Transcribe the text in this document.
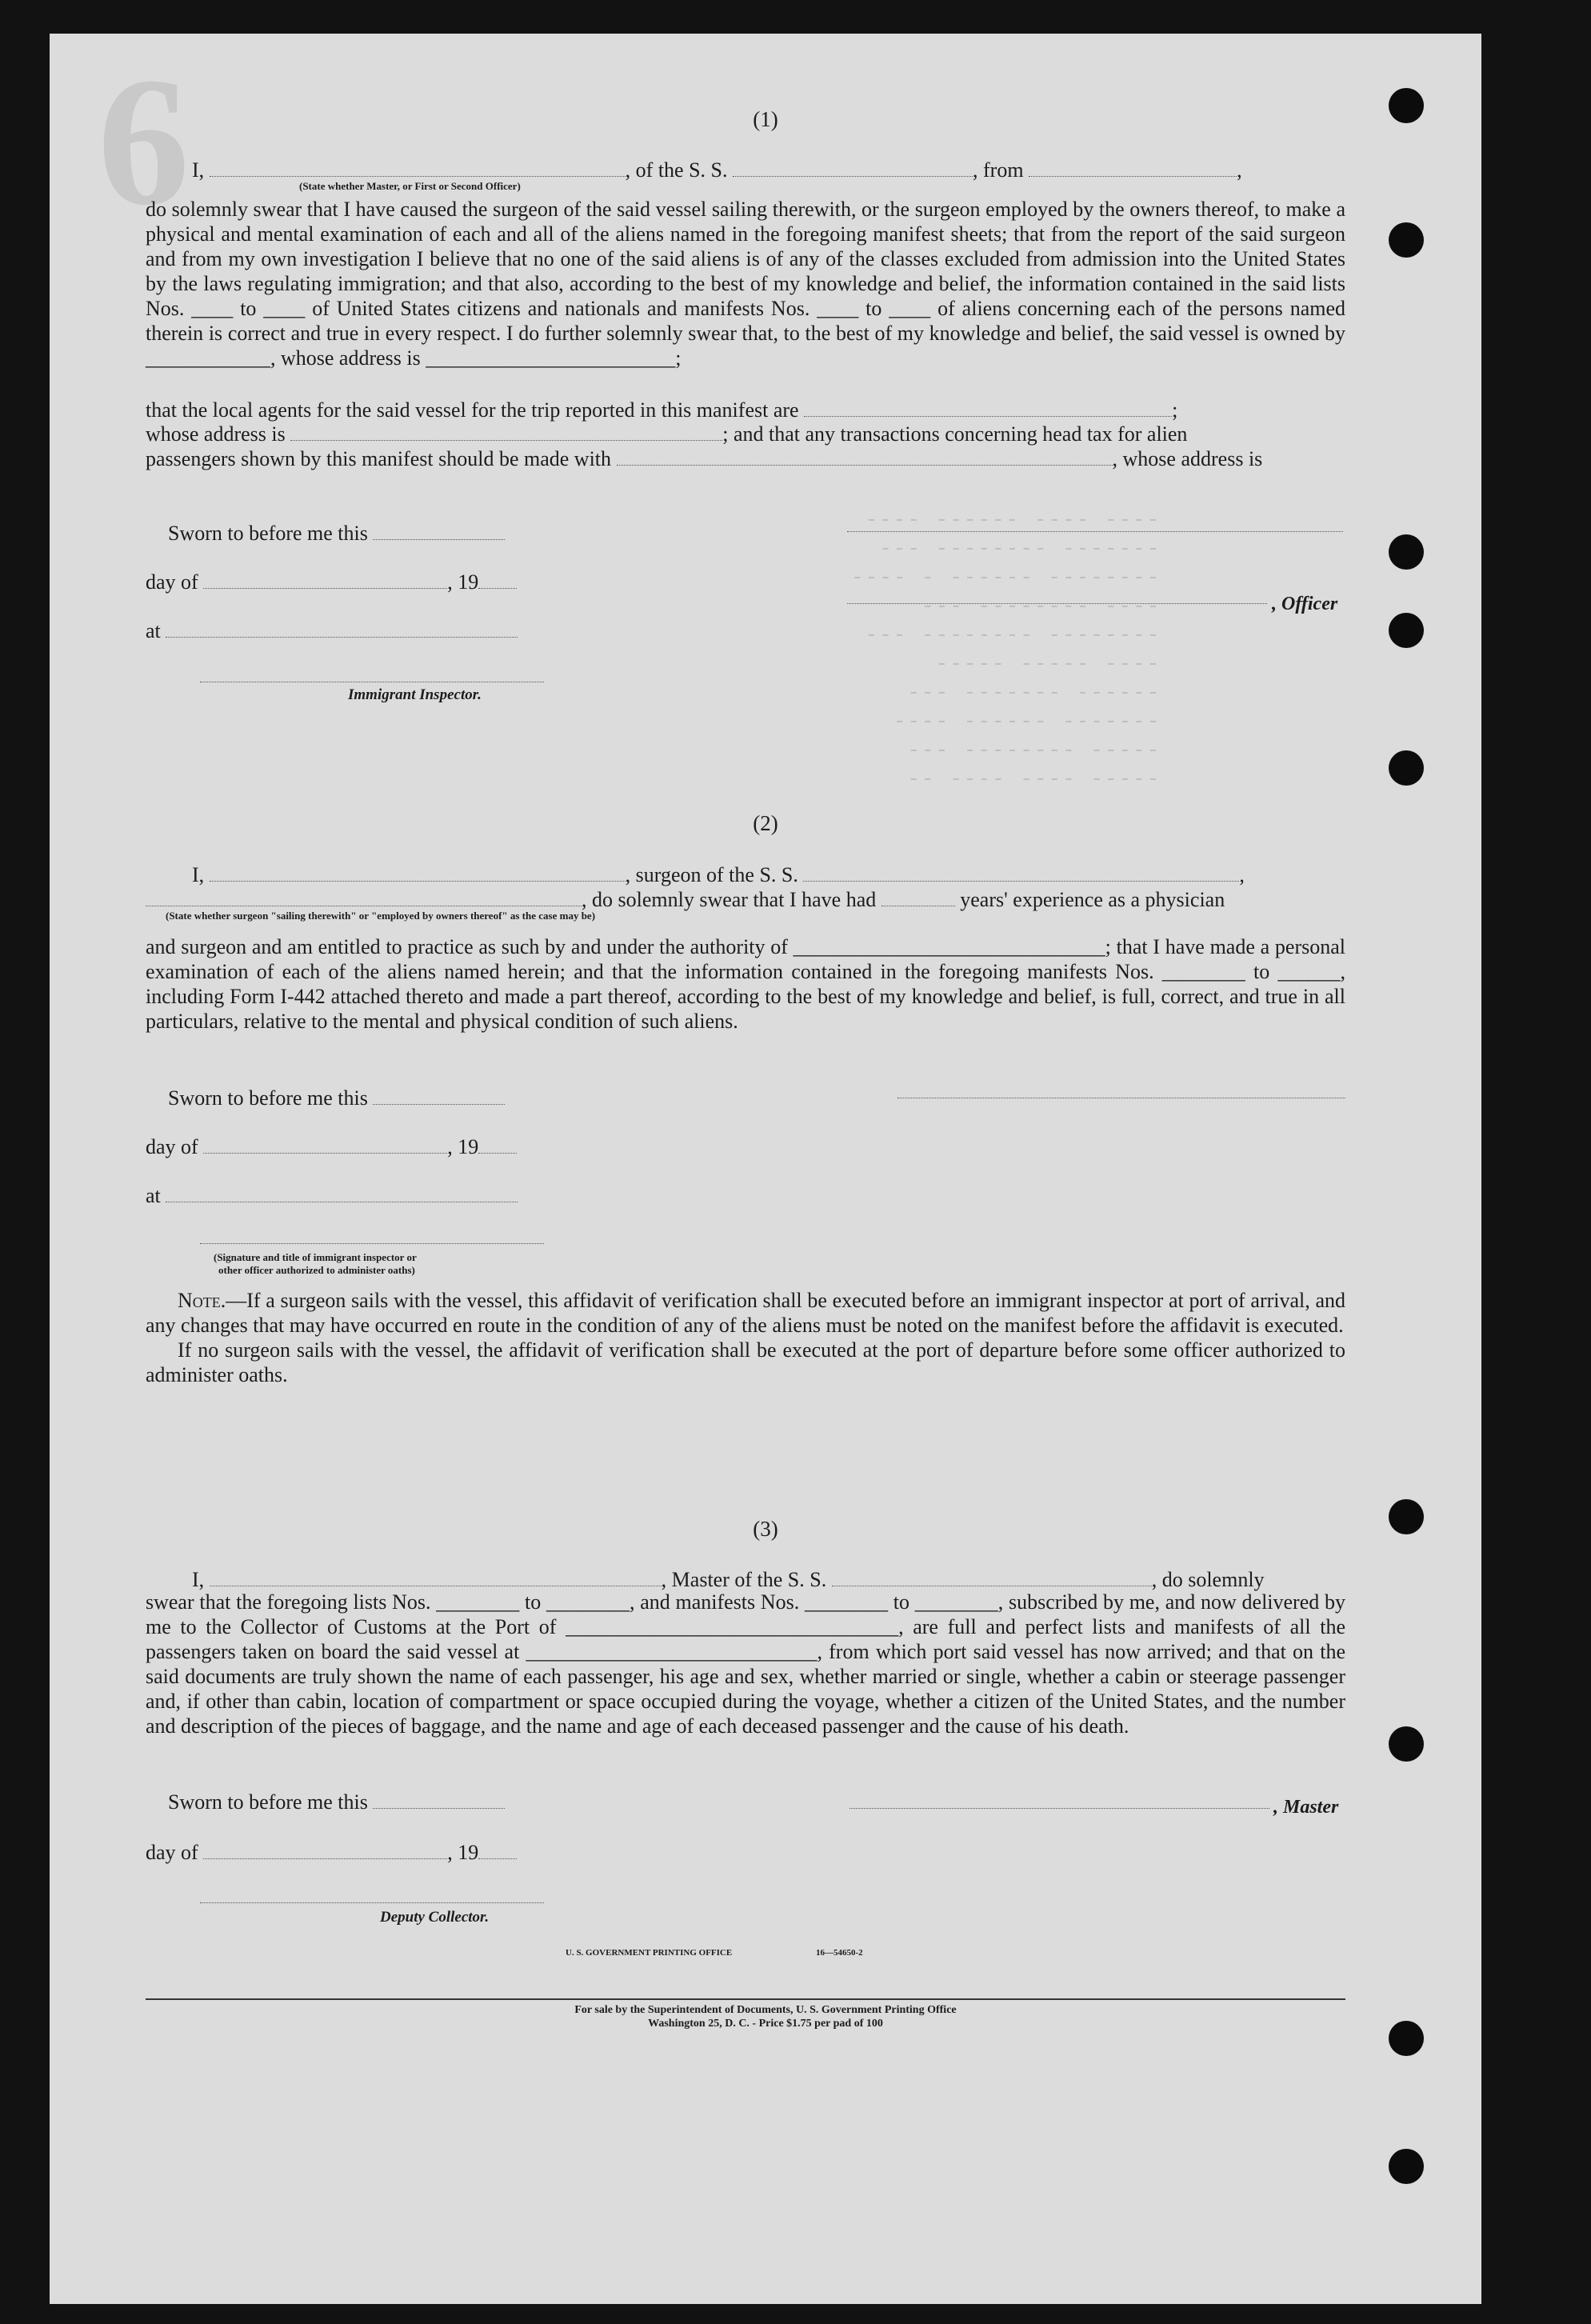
6
---- ---- ------ ----
------- -------- ---
-------- ------ - ----
---- -------- ---
-------- -------- ---
---- ----- -----
------ ------- ---
------- ------ ----
----- -------- ---
----- ---- ---- --
(1)
I,	, of the S. S.	, from	,
(State whether Master, or First or Second Officer)
do solemnly swear that I have caused the surgeon of the said vessel sailing therewith, or the surgeon employed by the owners thereof, to make a physical and mental examination of each and all of the aliens named in the foregoing manifest sheets; that from the report of the said surgeon and from my own investigation I believe that no one of the said aliens is of any of the classes excluded from admission into the United States by the laws regulating immigration; and that also, according to the best of my knowledge and belief, the information contained in the said lists Nos. ____ to ____ of United States citizens and nationals and manifests Nos. ____ to ____ of aliens concerning each of the persons named therein is correct and true in every respect. I do further solemnly swear that, to the best of my knowledge and belief, the said vessel is owned by ____________, whose address is ________________________;
that the local agents for the said vessel for the trip reported in this manifest are	;
whose address is	; and that any transactions concerning head tax for alien
passengers shown by this manifest should be made with	, whose address is
Sworn to before me this
day of	, 19
, Officer
at
Immigrant Inspector.
(2)
I,	, surgeon of the S. S.	,
, do solemnly swear that I have had	years' experience as a physician
(State whether surgeon "sailing therewith" or "employed by owners thereof" as the case may be)
and surgeon and am entitled to practice as such by and under the authority of ______________________________; that I have made a personal examination of each of the aliens named herein; and that the information contained in the foregoing manifests Nos. ________ to ______, including Form I-442 attached thereto and made a part thereof, according to the best of my knowledge and belief, is full, correct, and true in all particulars, relative to the mental and physical condition of such aliens.
Sworn to before me this
day of	, 19
at
(Signature and title of immigrant inspector or
other officer authorized to administer oaths)

Note.—If a surgeon sails with the vessel, this affidavit of verification shall be executed before an immigrant inspector at port of arrival, and any changes that may have occurred en route in the condition of any of the aliens must be noted on the manifest before the affidavit is executed.

If no surgeon sails with the vessel, the affidavit of verification shall be executed at the port of departure before some officer authorized to administer oaths.

(3)
I,	, Master of the S. S.	, do solemnly
swear that the foregoing lists Nos. ________ to ________, and manifests Nos. ________ to ________, subscribed by me, and now delivered by me to the Collector of Customs at the Port of ________________________________, are full and perfect lists and manifests of all the passengers taken on board the said vessel at ____________________________, from which port said vessel has now arrived; and that on the said documents are truly shown the name of each passenger, his age and sex, whether married or single, whether a cabin or steerage passenger and, if other than cabin, location of compartment or space occupied during the voyage, whether a citizen of the United States, and the number and description of the pieces of baggage, and the name and age of each deceased passenger and the cause of his death.
Sworn to before me this	, Master
day of	, 19
Deputy Collector.
U. S. GOVERNMENT PRINTING OFFICE	16—54650-2
For sale by the Superintendent of Documents, U. S. Government Printing Office
Washington 25, D. C. - Price $1.75 per pad of 100
